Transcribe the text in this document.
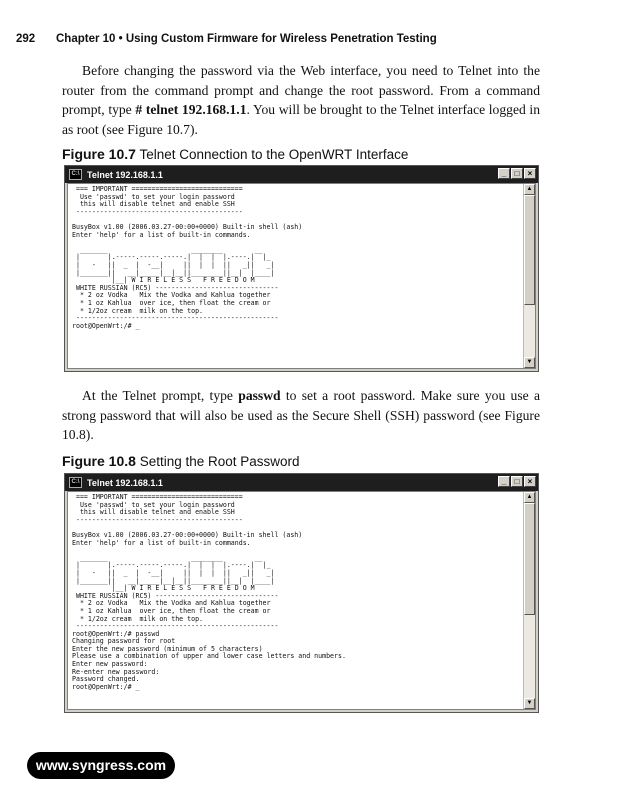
292 Chapter 10 • Using Custom Firmware for Wireless Penetration Testing

Before changing the password via the Web interface, you need to Telnet into the router from the command prompt and change the root password. From a command prompt, type # telnet 192.168.1.1. You will be brought to the Telnet interface logged in as root (see Figure 10.7).

Figure 10.7 Telnet Connection to the OpenWRT Interface
C:\ Telnet 192.168.1.1	_	□	×
=== IMPORTANT ============================
Use 'passwd' to set your login password
this will disable telnet and enable SSH
------------------------------------------

BusyBox v1.00 (2006.03.27-00:00+0000) Built-in shell (ash)
Enter 'help' for a list of built-in commands.

_______                     ________        __
|       |.-----.-----.-----.|  |  |  |.----.|  |_
|   -   ||  _  |  -__|     ||  |  |  ||   _||   _|
|_______||   __|_____|__|__||________||__|  |____|
|__| W I R E L E S S   F R E E D O M
WHITE RUSSIAN (RC5) -------------------------------
* 2 oz Vodka   Mix the Vodka and Kahlua together
* 1 oz Kahlua  over ice, then float the cream or
* 1/2oz cream  milk on the top.
---------------------------------------------------
root@OpenWrt:/# _
▲
▼

At the Telnet prompt, type passwd to set a root password. Make sure you use a strong password that will also be used as the Secure Shell (SSH) password (see Figure 10.8).

Figure 10.8 Setting the Root Password
C:\ Telnet 192.168.1.1	_	□	×
=== IMPORTANT ============================
Use 'passwd' to set your login password
this will disable telnet and enable SSH
------------------------------------------

BusyBox v1.00 (2006.03.27-00:00+0000) Built-in shell (ash)
Enter 'help' for a list of built-in commands.

_______                     ________        __
|       |.-----.-----.-----.|  |  |  |.----.|  |_
|   -   ||  _  |  -__|     ||  |  |  ||   _||   _|
|_______||   __|_____|__|__||________||__|  |____|
|__| W I R E L E S S   F R E E D O M
WHITE RUSSIAN (RC5) -------------------------------
* 2 oz Vodka   Mix the Vodka and Kahlua together
* 1 oz Kahlua  over ice, then float the cream or
* 1/2oz cream  milk on the top.
---------------------------------------------------
root@OpenWrt:/# passwd
Changing password for root
Enter the new password (minimum of 5 characters)
Please use a combination of upper and lower case letters and numbers.
Enter new password:
Re-enter new password:
Password changed.
root@OpenWrt:/# _
▲
▼
www.syngress.com
